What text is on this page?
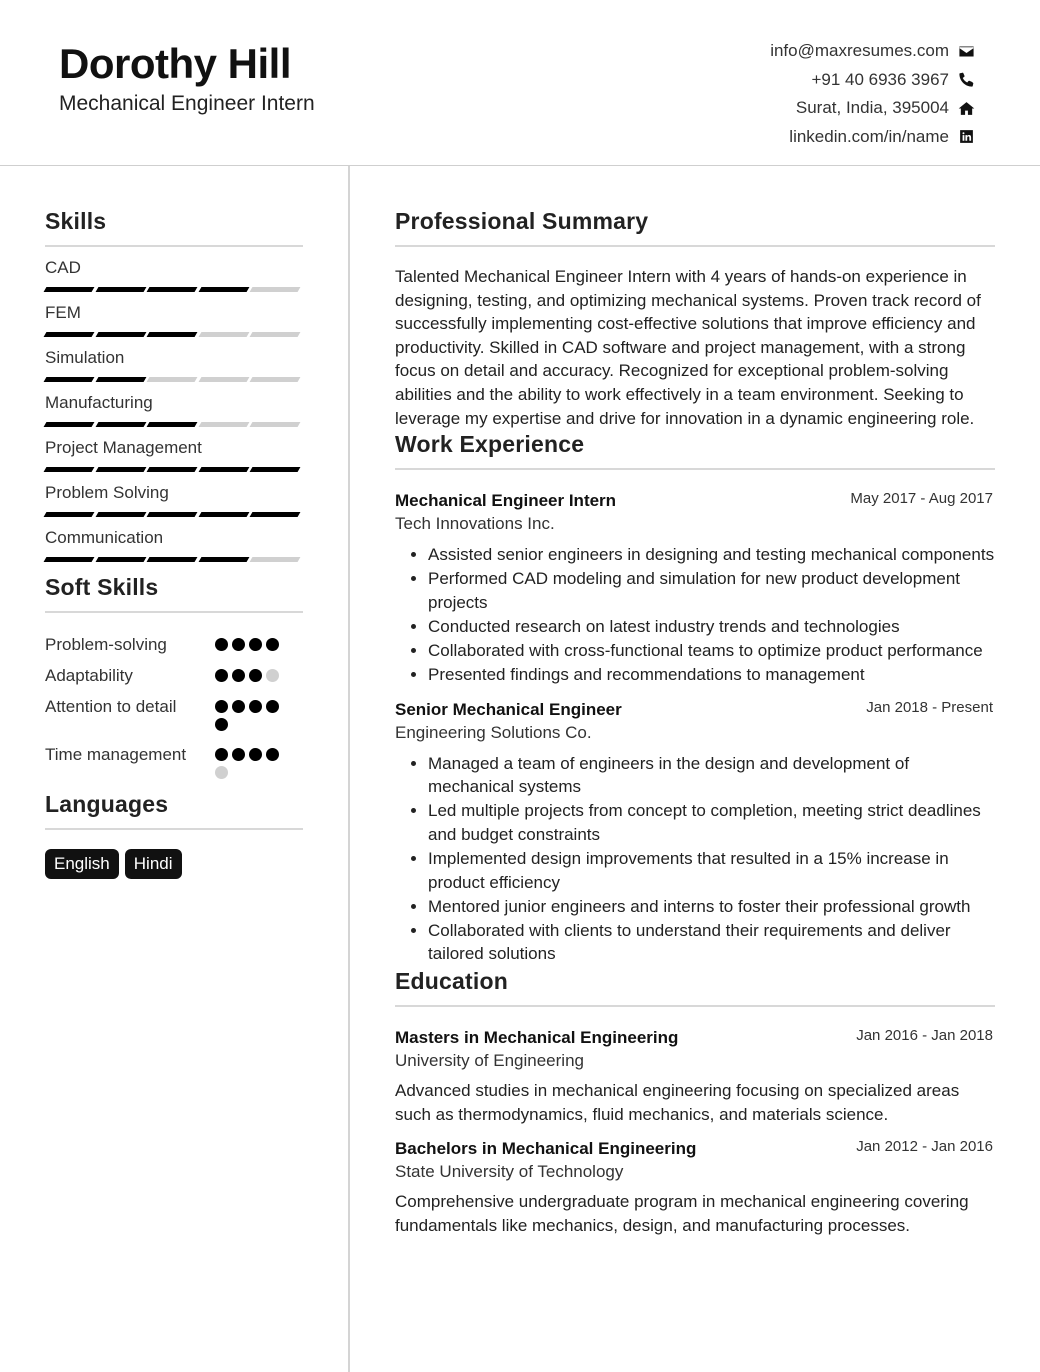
Dorothy Hill
Mechanical Engineer Intern
info@maxresumes.com
+91 40 6936 3967
Surat, India, 395004
linkedin.com/in/name
Skills
CAD
FEM
Simulation
Manufacturing
Project Management
Problem Solving
Communication
Soft Skills
Problem-solving
Adaptability
Attention to detail
Time management
Languages
English	Hindi
Professional Summary
Talented Mechanical Engineer Intern with 4 years of hands-on experience in designing, testing, and optimizing mechanical systems. Proven track record of successfully implementing cost-effective solutions that improve efficiency and productivity. Skilled in CAD software and project management, with a strong focus on detail and accuracy. Recognized for exceptional problem-solving abilities and the ability to work effectively in a team environment. Seeking to leverage my expertise and drive for innovation in a dynamic engineering role.
Work Experience
Mechanical Engineer Intern	May 2017 - Aug 2017
Tech Innovations Inc.
• Assisted senior engineers in designing and testing mechanical components
• Performed CAD modeling and simulation for new product development projects
• Conducted research on latest industry trends and technologies
• Collaborated with cross-functional teams to optimize product performance
• Presented findings and recommendations to management
Senior Mechanical Engineer	Jan 2018 - Present
Engineering Solutions Co.
• Managed a team of engineers in the design and development of mechanical systems
• Led multiple projects from concept to completion, meeting strict deadlines and budget constraints
• Implemented design improvements that resulted in a 15% increase in product efficiency
• Mentored junior engineers and interns to foster their professional growth
• Collaborated with clients to understand their requirements and deliver tailored solutions
Education
Masters in Mechanical Engineering	Jan 2016 - Jan 2018
University of Engineering
Advanced studies in mechanical engineering focusing on specialized areas such as thermodynamics, fluid mechanics, and materials science.
Bachelors in Mechanical Engineering	Jan 2012 - Jan 2016
State University of Technology
Comprehensive undergraduate program in mechanical engineering covering fundamentals like mechanics, design, and manufacturing processes.
